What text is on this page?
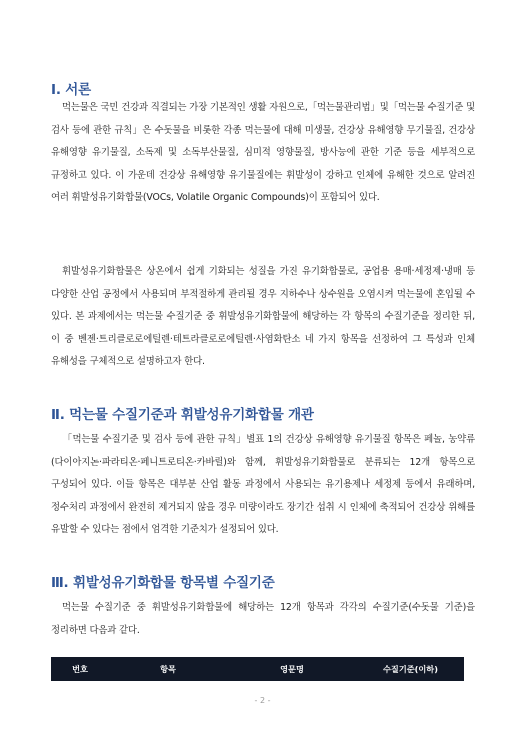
Ⅰ. 서론

먹는물은 국민 건강과 직결되는 가장 기본적인 생활 자원으로,「먹는물관리법」및「먹는물 수질기준 및 검사 등에 관한 규칙」은 수돗물을 비롯한 각종 먹는물에 대해 미생물, 건강상 유해영향 무기물질, 건강상 유해영향 유기물질, 소독제 및 소독부산물질, 심미적 영향물질, 방사능에 관한 기준 등을 세부적으로 규정하고 있다. 이 가운데 건강상 유해영향 유기물질에는 휘발성이 강하고 인체에 유해한 것으로 알려진 여러 휘발성유기화합물(VOCs, Volatile Organic Compounds)이 포함되어 있다.

휘발성유기화합물은 상온에서 쉽게 기화되는 성질을 가진 유기화합물로, 공업용 용매·세정제·냉매 등 다양한 산업 공정에서 사용되며 부적절하게 관리될 경우 지하수나 상수원을 오염시켜 먹는물에 혼입될 수 있다. 본 과제에서는 먹는물 수질기준 중 휘발성유기화합물에 해당하는 각 항목의 수질기준을 정리한 뒤, 이 중 벤젠·트리클로로에틸렌·테트라클로로에틸렌·사염화탄소 네 가지 항목을 선정하여 그 특성과 인체 유해성을 구체적으로 설명하고자 한다.

Ⅱ. 먹는물 수질기준과 휘발성유기화합물 개관

「먹는물 수질기준 및 검사 등에 관한 규칙」별표 1의 건강상 유해영향 유기물질 항목은 페놀, 농약류(다이아지논·파라티온·페니트로티온·카바릴)와 함께, 휘발성유기화합물로 분류되는 12개 항목으로 구성되어 있다. 이들 항목은 대부분 산업 활동 과정에서 사용되는 유기용제나 세정제 등에서 유래하며, 정수처리 과정에서 완전히 제거되지 않을 경우 미량이라도 장기간 섭취 시 인체에 축적되어 건강상 위해를 유발할 수 있다는 점에서 엄격한 기준치가 설정되어 있다.

Ⅲ. 휘발성유기화합물 항목별 수질기준

먹는물 수질기준 중 휘발성유기화합물에 해당하는 12개 항목과 각각의 수질기준(수돗물 기준)을 정리하면 다음과 같다.

번호	항목	영문명	수질기준(이하)
- 2 -
